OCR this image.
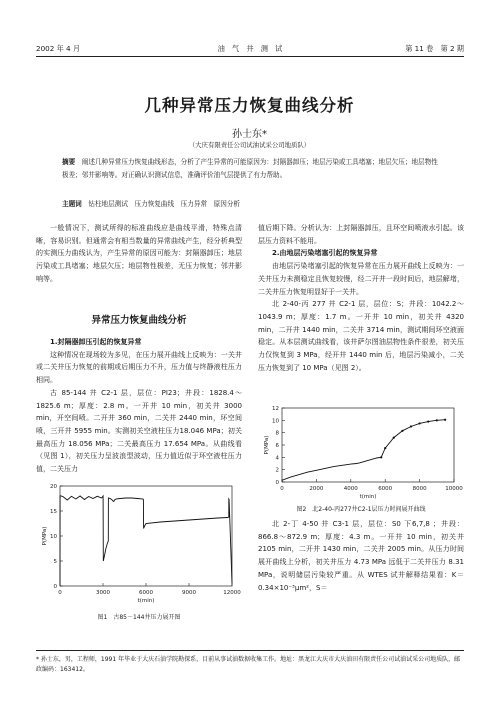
2002 年 4 月	油　气　井　测　试	第 11 卷　第 2 期
几种异常压力恢复曲线分析
孙士东*
（大庆有限责任公司试油试采公司地质队）
摘要　 阐述几种异常压力恢复曲线形态，分析了产生异常的可能原因为：封隔器卸压；地层污染或工具堵塞；地层欠压；地层物性极差；邻井影响等。对正确认识测试信息，准确评价油气层提供了有力帮助。
主题词　 钻柱地层测试　压力恢复曲线　压力异常　原因分析

一般情况下，测试所得的标准曲线应是曲线平滑，特殊点清晰，容易识别。但通常会有相当数量的异常曲线产生，经分析典型的实测压力曲线认为，产生异常的原因可能为：封隔器卸压；地层污染或工具堵塞；地层欠压；地层物性极差，无压力恢复；邻井影响等。

异常压力恢复曲线分析
1.封隔器卸压引起的恢复异常

这种情况在现场较为多见，在压力展开曲线上反映为：一关井或二关井压力恢复的前期或后期压力不升，压力值与终静液柱压力相同。

古 85-144 井 C2-1 层，层位：PI23；井段：1828.4～1825.6 m；厚度：2.8 m。一开井 10 min，初关井 3000 min，开空间喷。二开井 360 min，二关井 2440 min，环空间喷，三开井 5955 min。实测初关空液柱压力18.046 MPa；初关最高压力 18.056 MPa；二关最高压力 17.654 MPa。从曲线看（见图 1），初关压力呈波浪型波动，压力值近似于环空液柱压力值，二关压力

0
5
10
15
20
0	3000	6000	9000	12000
P(MPa)
t(min)
图1　古85－144井压力展开图

值后期下降。分析认为：上封隔器卸压，且环空间喷液水引起。该层压力资料不能用。

2.由地层污染堵塞引起的恢复异常

由地层污染堵塞引起的恢复异常在压力展开曲线上反映为：一关井压力未测稳定且恢复较慢，经二开井一段时间后，地层解堵，二关井压力恢复明显好于一关井。

北 2-40-丙 277 井 C2-1 层，层位：S；井段：1042.2～1043.9 m；厚度：1.7 m。一开井 10 min，初关井 4320 min，二开井 1440 min，二关井 3714 min，测试期间环空液面稳定。从本层测试曲线看，该井萨尔图油层物性条件很差，初关压力仅恢复到 3 MPa，经开井 1440 min 后，地层污染减小，二关压力恢复到了 10 MPa（见图 2）。

0
2
4
6
8
10
12
0	2000	4000	6000	8000	10000
P(MPa)
t(min)
图2　北2-40-丙277井C2-1层压力时间展开曲线

北 2-丁 4-50 井 C3-1 层，层位：S0 下6,7,8 ；井段：866.8～872.9 m；厚度：4.3 m。一开井 10 min，初关井 2105 min，二开井 1430 min，二关井 2005 min。从压力时间展开曲线上分析，初关井压力 4.73 MPa 远低于二关井压力 8.31 MPa，说明储层污染较严重。从 WTES 试井解释结果看：K＝0.34×10⁻³μm²，S＝

* 孙士东，男，工程师，1991 年毕业于大庆石油学院勘探系，目前从事试油数据收集工作。地址：黑龙江大庆市大庆油田有限责任公司试油试采公司地质队，邮政编码：163412。
